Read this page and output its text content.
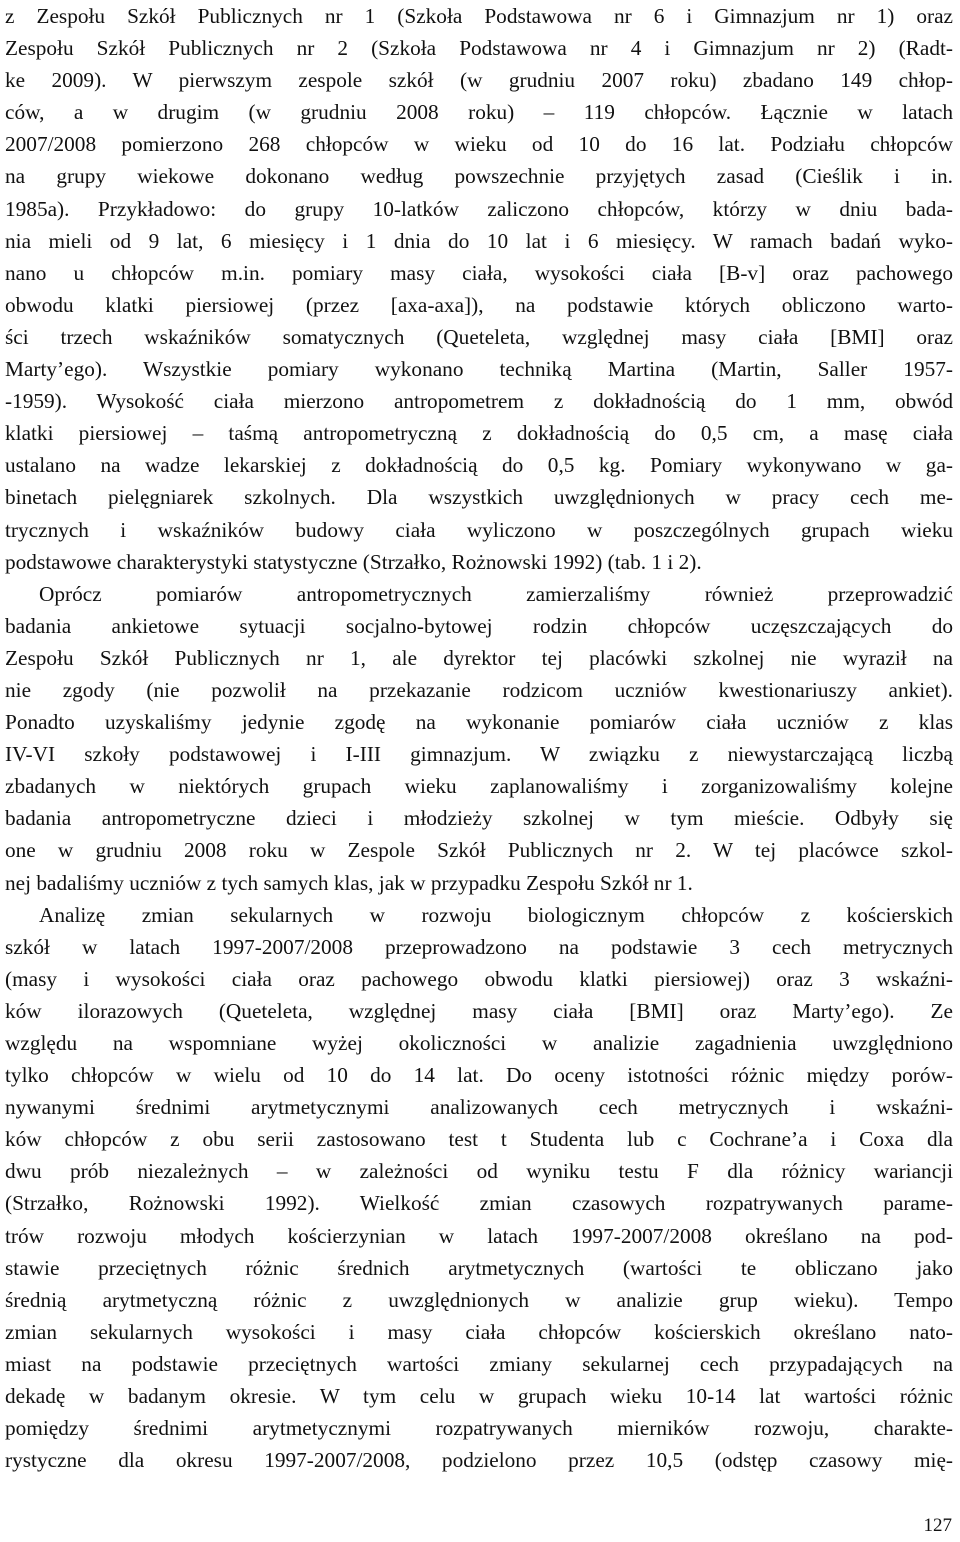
z Zespołu Szkół Publicznych nr 1 (Szkoła Podstawowa nr 6 i Gimnazjum nr 1) oraz
Zespołu Szkół Publicznych nr 2 (Szkoła Podstawowa nr 4 i Gimnazjum nr 2) (Radt-
ke 2009). W pierwszym zespole szkół (w grudniu 2007 roku) zbadano 149 chłop-
ców, a w drugim (w grudniu 2008 roku) – 119 chłopców. Łącznie w latach
2007/2008 pomierzono 268 chłopców w wieku od 10 do 16 lat. Podziału chłopców
na grupy wiekowe dokonano według powszechnie przyjętych zasad (Cieślik i in.
1985a). Przykładowo: do grupy 10-latków zaliczono chłopców, którzy w dniu bada-
nia mieli od 9 lat, 6 miesięcy i 1 dnia do 10 lat i 6 miesięcy. W ramach badań wyko-
nano u chłopców m.in. pomiary masy ciała, wysokości ciała [B-v] oraz pachowego
obwodu klatki piersiowej (przez [axa-axa]), na podstawie których obliczono warto-
ści trzech wskaźników somatycznych (Queteleta, względnej masy ciała [BMI] oraz
Marty’ego). Wszystkie pomiary wykonano techniką Martina (Martin, Saller 1957-
-1959). Wysokość ciała mierzono antropometrem z dokładnością do 1 mm, obwód
klatki piersiowej – taśmą antropometryczną z dokładnością do 0,5 cm, a masę ciała
ustalano na wadze lekarskiej z dokładnością do 0,5 kg. Pomiary wykonywano w ga-
binetach pielęgniarek szkolnych. Dla wszystkich uwzględnionych w pracy cech me-
trycznych i wskaźników budowy ciała wyliczono w poszczególnych grupach wieku
podstawowe charakterystyki statystyczne (Strzałko, Rożnowski 1992) (tab. 1 i 2).
Oprócz pomiarów antropometrycznych zamierzaliśmy również przeprowadzić
badania ankietowe sytuacji socjalno-bytowej rodzin chłopców uczęszczających do
Zespołu Szkół Publicznych nr 1, ale dyrektor tej placówki szkolnej nie wyraził na
nie zgody (nie pozwolił na przekazanie rodzicom uczniów kwestionariuszy ankiet).
Ponadto uzyskaliśmy jedynie zgodę na wykonanie pomiarów ciała uczniów z klas
IV-VI szkoły podstawowej i I-III gimnazjum. W związku z niewystarczającą liczbą
zbadanych w niektórych grupach wieku zaplanowaliśmy i zorganizowaliśmy kolejne
badania antropometryczne dzieci i młodzieży szkolnej w tym mieście. Odbyły się
one w grudniu 2008 roku w Zespole Szkół Publicznych nr 2. W tej placówce szkol-
nej badaliśmy uczniów z tych samych klas, jak w przypadku Zespołu Szkół nr 1.
Analizę zmian sekularnych w rozwoju biologicznym chłopców z kościerskich
szkół w latach 1997-2007/2008 przeprowadzono na podstawie 3 cech metrycznych
(masy i wysokości ciała oraz pachowego obwodu klatki piersiowej) oraz 3 wskaźni-
ków ilorazowych (Queteleta, względnej masy ciała [BMI] oraz Marty’ego). Ze
względu na wspomniane wyżej okoliczności w analizie zagadnienia uwzględniono
tylko chłopców w wielu od 10 do 14 lat. Do oceny istotności różnic między porów-
nywanymi średnimi arytmetycznymi analizowanych cech metrycznych i wskaźni-
ków chłopców z obu serii zastosowano test t Studenta lub c Cochrane’a i Coxa dla
dwu prób niezależnych – w zależności od wyniku testu F dla różnicy wariancji
(Strzałko, Rożnowski 1992). Wielkość zmian czasowych rozpatrywanych parame-
trów rozwoju młodych kościerzynian w latach 1997-2007/2008 określano na pod-
stawie przeciętnych różnic średnich arytmetycznych (wartości te obliczano jako
średnią arytmetyczną różnic z uwzględnionych w analizie grup wieku). Tempo
zmian sekularnych wysokości i masy ciała chłopców kościerskich określano nato-
miast na podstawie przeciętnych wartości zmiany sekularnej cech przypadających na
dekadę w badanym okresie. W tym celu w grupach wieku 10-14 lat wartości różnic
pomiędzy średnimi arytmetycznymi rozpatrywanych mierników rozwoju, charakte-
rystyczne dla okresu 1997-2007/2008, podzielono przez 10,5 (odstęp czasowy mię-
127
